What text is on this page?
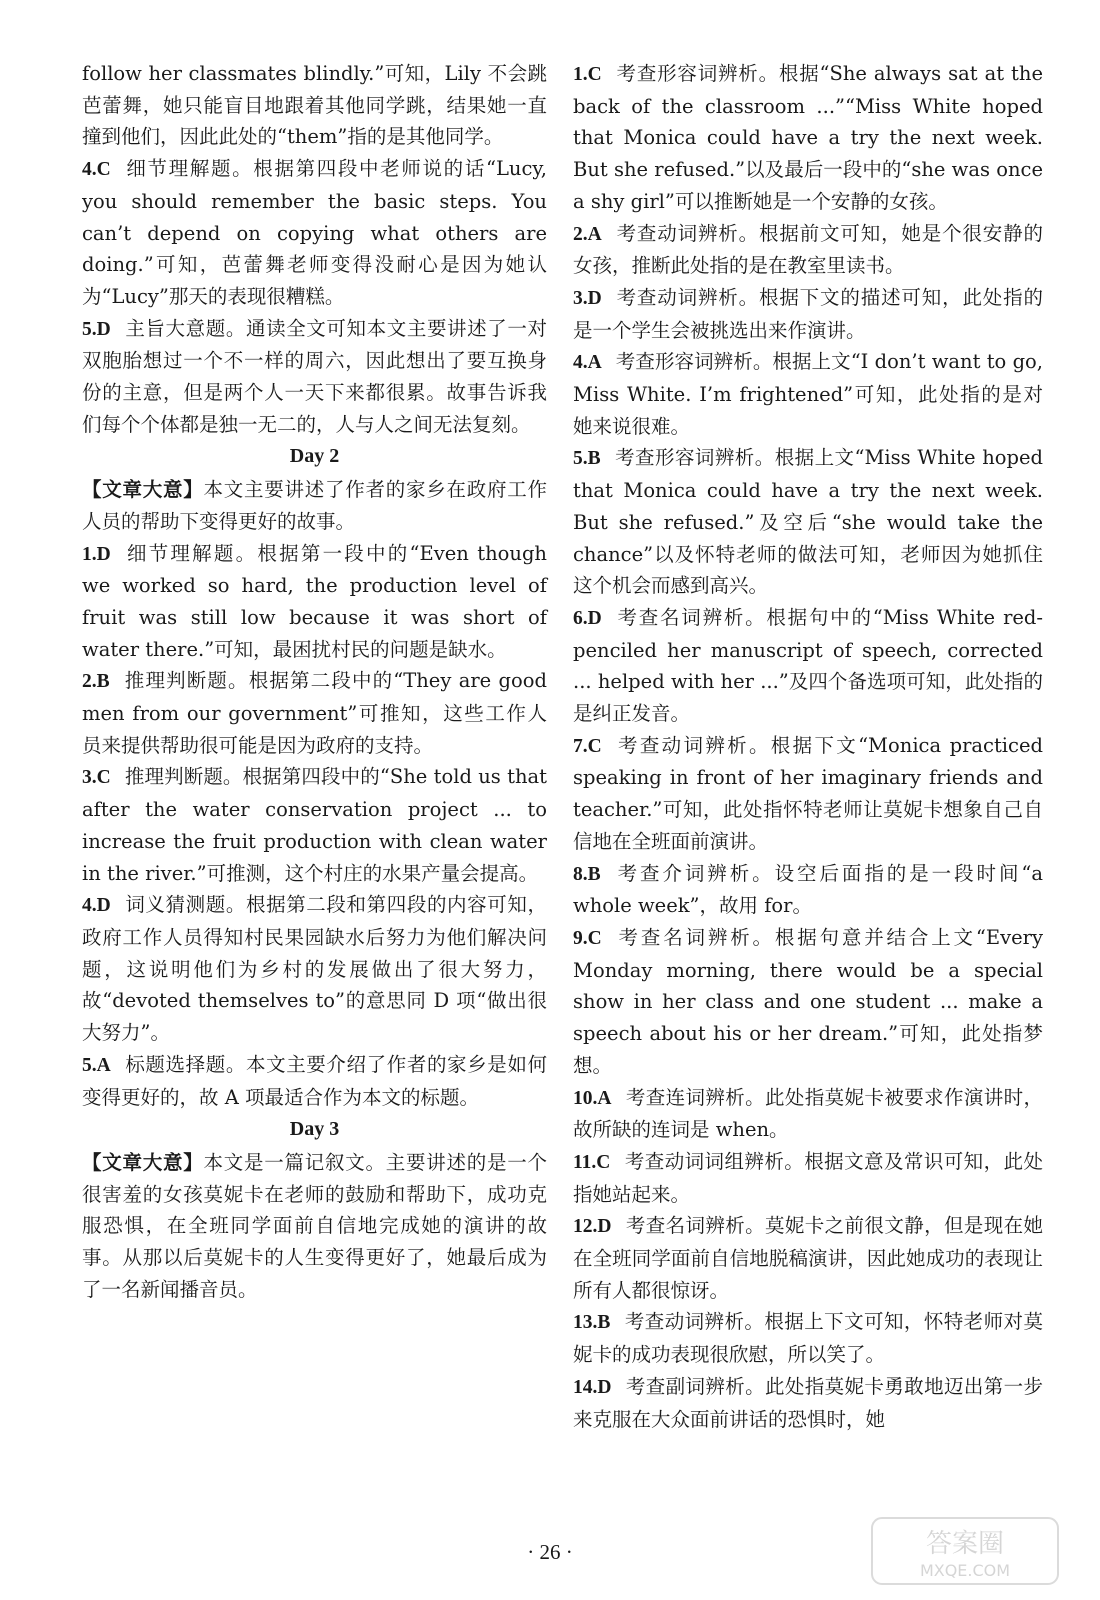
follow her classmates blindly.”可知，Lily 不会跳芭蕾舞，她只能盲目地跟着其他同学跳，结果她一直撞到他们，因此此处的“them”指的是其他同学。
4.C 细节理解题。根据第四段中老师说的话“Lucy, you should remember the basic steps. You can’t depend on copying what others are doing.”可知，芭蕾舞老师变得没耐心是因为她认为“Lucy”那天的表现很糟糕。
5.D 主旨大意题。通读全文可知本文主要讲述了一对双胞胎想过一个不一样的周六，因此想出了要互换身份的主意，但是两个人一天下来都很累。故事告诉我们每个个体都是独一无二的，人与人之间无法复刻。
Day 2
【文章大意】本文主要讲述了作者的家乡在政府工作人员的帮助下变得更好的故事。
1.D 细节理解题。根据第一段中的“Even though we worked so hard, the production level of fruit was still low because it was short of water there.”可知，最困扰村民的问题是缺水。
2.B 推理判断题。根据第二段中的“They are good men from our government”可推知，这些工作人员来提供帮助很可能是因为政府的支持。
3.C 推理判断题。根据第四段中的“She told us that after the water conservation project ... to increase the fruit production with clean water in the river.”可推测，这个村庄的水果产量会提高。
4.D 词义猜测题。根据第二段和第四段的内容可知，政府工作人员得知村民果园缺水后努力为他们解决问题，这说明他们为乡村的发展做出了很大努力，故“devoted themselves to”的意思同 D 项“做出很大努力”。
5.A 标题选择题。本文主要介绍了作者的家乡是如何变得更好的，故 A 项最适合作为本文的标题。
Day 3
【文章大意】本文是一篇记叙文。主要讲述的是一个很害羞的女孩莫妮卡在老师的鼓励和帮助下，成功克服恐惧，在全班同学面前自信地完成她的演讲的故事。从那以后莫妮卡的人生变得更好了，她最后成为了一名新闻播音员。
1.C 考查形容词辨析。根据“She always sat at the back of the classroom ...”“Miss White hoped that Monica could have a try the next week. But she refused.”以及最后一段中的“she was once a shy girl”可以推断她是一个安静的女孩。
2.A 考查动词辨析。根据前文可知，她是个很安静的女孩，推断此处指的是在教室里读书。
3.D 考查动词辨析。根据下文的描述可知，此处指的是一个学生会被挑选出来作演讲。
4.A 考查形容词辨析。根据上文“I don’t want to go, Miss White. I’m frightened”可知，此处指的是对她来说很难。
5.B 考查形容词辨析。根据上文“Miss White hoped that Monica could have a try the next week. But she refused.”及空后“she would take the chance”以及怀特老师的做法可知，老师因为她抓住这个机会而感到高兴。
6.D 考查名词辨析。根据句中的“Miss White red-penciled her manuscript of speech, corrected ... helped with her ...”及四个备选项可知，此处指的是纠正发音。
7.C 考查动词辨析。根据下文“Monica practiced speaking in front of her imaginary friends and teacher.”可知，此处指怀特老师让莫妮卡想象自己自信地在全班面前演讲。
8.B 考查介词辨析。设空后面指的是一段时间“a whole week”，故用 for。
9.C 考查名词辨析。根据句意并结合上文“Every Monday morning, there would be a special show in her class and one student ... make a speech about his or her dream.”可知，此处指梦想。
10.A 考查连词辨析。此处指莫妮卡被要求作演讲时，故所缺的连词是 when。
11.C 考查动词词组辨析。根据文意及常识可知，此处指她站起来。
12.D 考查名词辨析。莫妮卡之前很文静，但是现在她在全班同学面前自信地脱稿演讲，因此她成功的表现让所有人都很惊讶。
13.B 考查动词辨析。根据上下文可知，怀特老师对莫妮卡的成功表现很欣慰，所以笑了。
14.D 考查副词辨析。此处指莫妮卡勇敢地迈出第一步来克服在大众面前讲话的恐惧时，她
· 26 ·	答案圈
MXQE.COM
